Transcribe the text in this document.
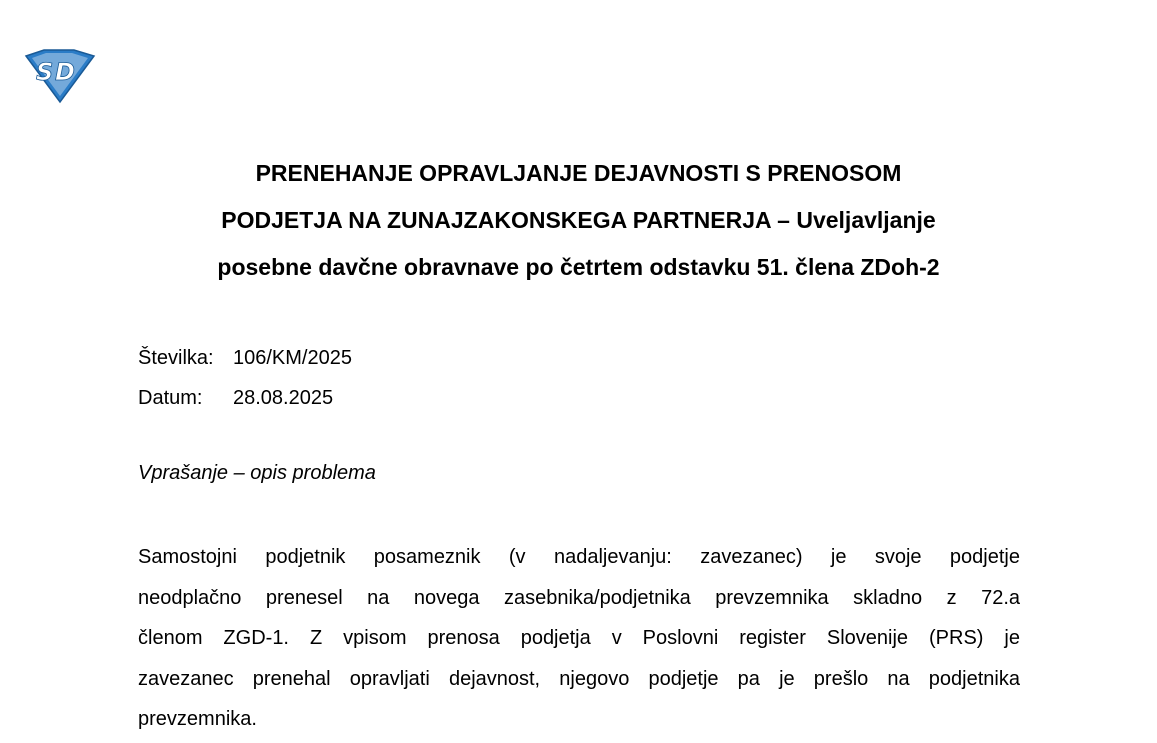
S D
PRENEHANJE OPRAVLJANJE DEJAVNOSTI S PRENOSOM
PODJETJA NA ZUNAJZAKONSKEGA PARTNERJA – Uveljavljanje
posebne davčne obravnave po četrtem odstavku 51. člena ZDoh-2
Številka: 106/KM/2025
Datum:	28.08.2025
Vprašanje – opis problema
Samostojni podjetnik posameznik (v nadaljevanju: zavezanec) je svoje podjetje
neodplačno prenesel na novega zasebnika/podjetnika prevzemnika skladno z 72.a
členom ZGD-1. Z vpisom prenosa podjetja v Poslovni register Slovenije (PRS) je
zavezanec prenehal opravljati dejavnost, njegovo podjetje pa je prešlo na podjetnika
prevzemnika.
